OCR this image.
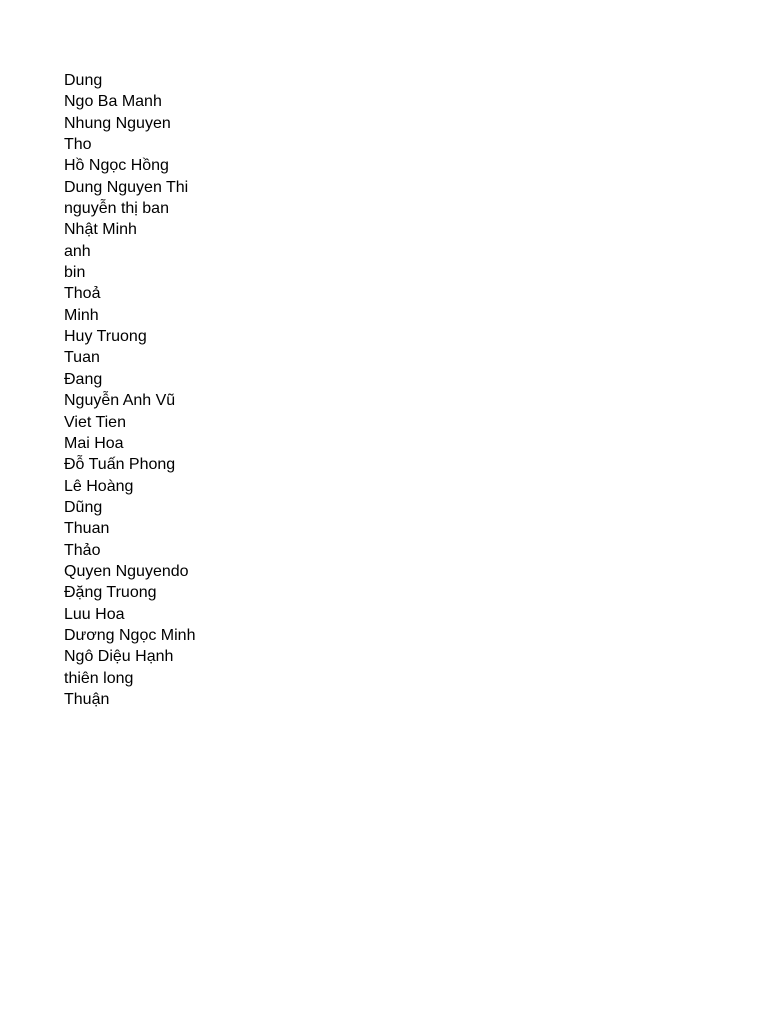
Dung
Ngo Ba Manh
Nhung Nguyen
Tho
Hồ Ngọc Hồng
Dung Nguyen Thi
nguyễn thị ban
Nhật Minh
anh
bin
Thoả
Minh
Huy Truong
Tuan
Đang
Nguyễn Anh Vũ
Viet Tien
Mai Hoa
Đỗ Tuấn Phong
Lê Hoàng
Dũng
Thuan
Thảo
Quyen Nguyendo
Đặng Truong
Luu Hoa
Dương Ngọc Minh
Ngô Diệu Hạnh
thiên long
Thuận
